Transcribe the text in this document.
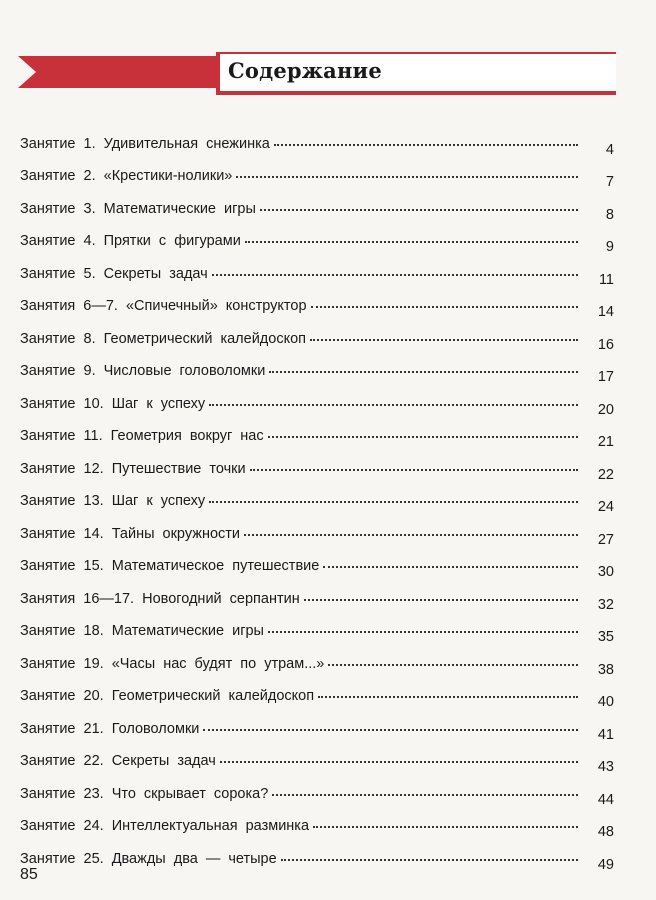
Содержание
Занятие 1. Удивительная снежинка	4
Занятие 2. «Крестики-нолики»	7
Занятие 3. Математические игры	8
Занятие 4. Прятки с фигурами	9
Занятие 5. Секреты задач	11
Занятия 6—7. «Спичечный» конструктор	14
Занятие 8. Геометрический калейдоскоп	16
Занятие 9. Числовые головоломки	17
Занятие 10. Шаг к успеху	20
Занятие 11. Геометрия вокруг нас	21
Занятие 12. Путешествие точки	22
Занятие 13. Шаг к успеху	24
Занятие 14. Тайны окружности	27
Занятие 15. Математическое путешествие	30
Занятия 16—17. Новогодний серпантин	32
Занятие 18. Математические игры	35
Занятие 19. «Часы нас будят по утрам...»	38
Занятие 20. Геометрический калейдоскоп	40
Занятие 21. Головоломки	41
Занятие 22. Секреты задач	43
Занятие 23. Что скрывает сорока?	44
Занятие 24. Интеллектуальная разминка	48
Занятие 25. Дважды два — четыре	49
85
